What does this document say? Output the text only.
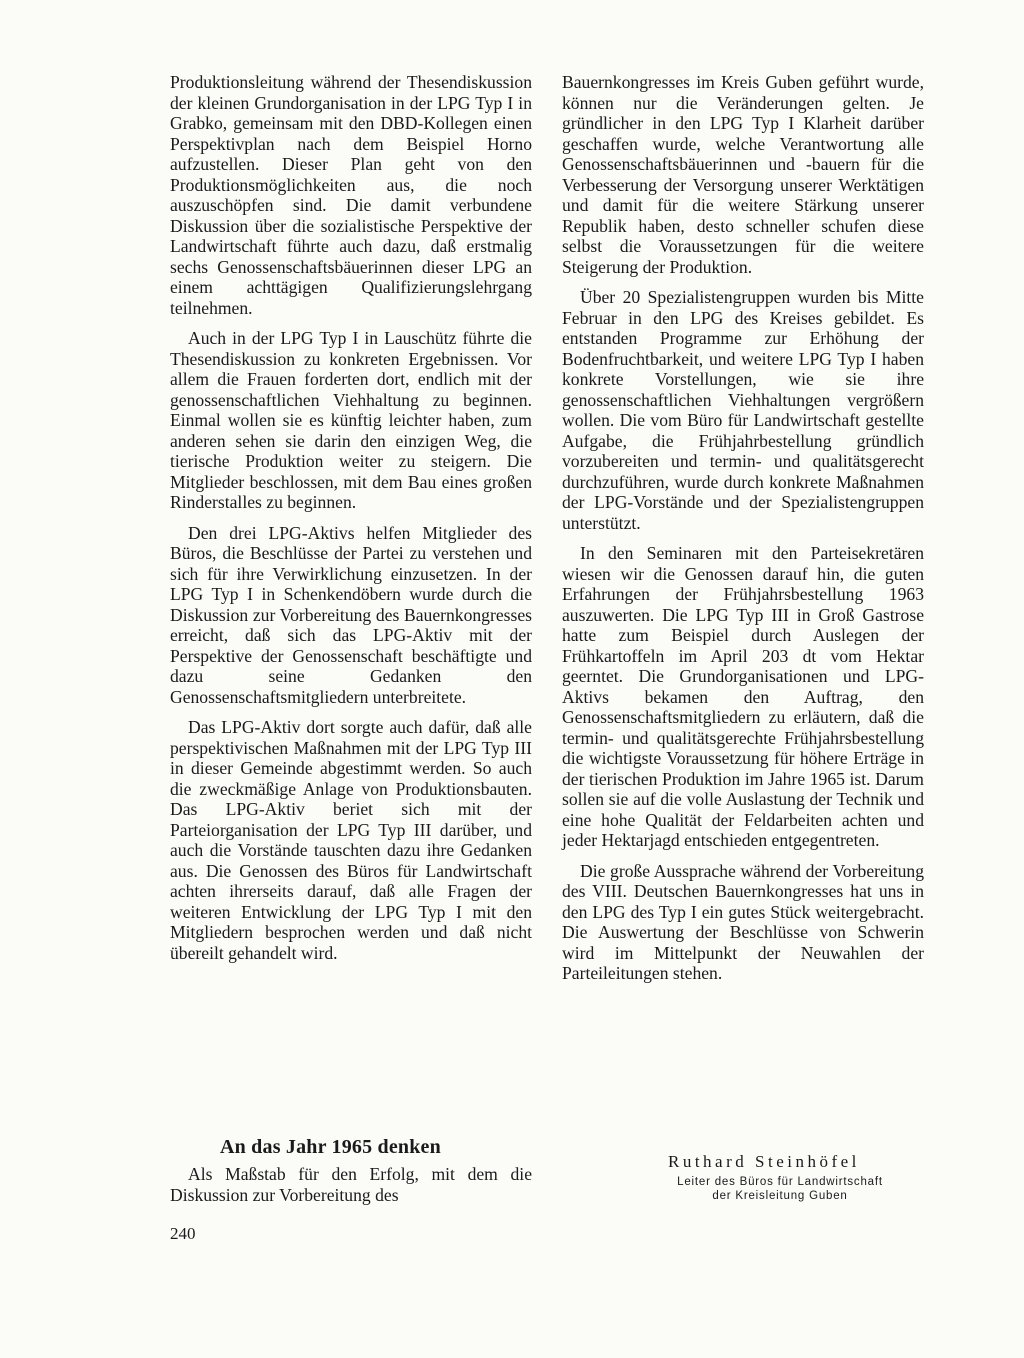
Produktionsleitung während der Thesendiskussion der kleinen Grundorganisation in der LPG Typ I in Grabko, gemeinsam mit den DBD-Kollegen einen Perspektivplan nach dem Beispiel Horno aufzustellen. Dieser Plan geht von den Produktionsmöglichkeiten aus, die noch auszuschöpfen sind. Die damit verbundene Diskussion über die sozialistische Perspektive der Landwirtschaft führte auch dazu, daß erstmalig sechs Genossenschaftsbäuerinnen dieser LPG an einem achttägigen Qualifizierungslehrgang teilnehmen.

Auch in der LPG Typ I in Lauschütz führte die Thesendiskussion zu konkreten Ergebnissen. Vor allem die Frauen forderten dort, endlich mit der genossenschaftlichen Viehhaltung zu beginnen. Einmal wollen sie es künftig leichter haben, zum anderen sehen sie darin den einzigen Weg, die tierische Produktion weiter zu steigern. Die Mitglieder beschlossen, mit dem Bau eines großen Rinderstalles zu beginnen.

Den drei LPG-Aktivs helfen Mitglieder des Büros, die Beschlüsse der Partei zu verstehen und sich für ihre Verwirklichung einzusetzen. In der LPG Typ I in Schenkendöbern wurde durch die Diskussion zur Vorbereitung des Bauernkongresses erreicht, daß sich das LPG-Aktiv mit der Perspektive der Genossenschaft beschäftigte und dazu seine Gedanken den Genossenschaftsmitgliedern unterbreitete.

Das LPG-Aktiv dort sorgte auch dafür, daß alle perspektivischen Maßnahmen mit der LPG Typ III in dieser Gemeinde abgestimmt werden. So auch die zweckmäßige Anlage von Produktionsbauten. Das LPG-Aktiv beriet sich mit der Parteiorganisation der LPG Typ III darüber, und auch die Vorstände tauschten dazu ihre Gedanken aus. Die Genossen des Büros für Landwirtschaft achten ihrerseits darauf, daß alle Fragen der weiteren Entwicklung der LPG Typ I mit den Mitgliedern besprochen werden und daß nicht übereilt gehandelt wird.

An das Jahr 1965 denken

Als Maßstab für den Erfolg, mit dem die Diskussion zur Vorbereitung des

Bauernkongresses im Kreis Guben geführt wurde, können nur die Veränderungen gelten. Je gründlicher in den LPG Typ I Klarheit darüber geschaffen wurde, welche Verantwortung alle Genossenschaftsbäuerinnen und -bauern für die Verbesserung der Versorgung unserer Werktätigen und damit für die weitere Stärkung unserer Republik haben, desto schneller schufen diese selbst die Voraussetzungen für die weitere Steigerung der Produktion.

Über 20 Spezialistengruppen wurden bis Mitte Februar in den LPG des Kreises gebildet. Es entstanden Programme zur Erhöhung der Bodenfruchtbarkeit, und weitere LPG Typ I haben konkrete Vorstellungen, wie sie ihre genossenschaftlichen Viehhaltungen vergrößern wollen. Die vom Büro für Landwirtschaft gestellte Aufgabe, die Frühjahrbestellung gründlich vorzubereiten und termin- und qualitätsgerecht durchzuführen, wurde durch konkrete Maßnahmen der LPG-Vorstände und der Spezialistengruppen unterstützt.

In den Seminaren mit den Parteisekretären wiesen wir die Genossen darauf hin, die guten Erfahrungen der Frühjahrsbestellung 1963 auszuwerten. Die LPG Typ III in Groß Gastrose hatte zum Beispiel durch Auslegen der Frühkartoffeln im April 203 dt vom Hektar geerntet. Die Grundorganisationen und LPG-Aktivs bekamen den Auftrag, den Genossenschaftsmitgliedern zu erläutern, daß die termin- und qualitätsgerechte Frühjahrsbestellung die wichtigste Voraussetzung für höhere Erträge in der tierischen Produktion im Jahre 1965 ist. Darum sollen sie auf die volle Auslastung der Technik und eine hohe Qualität der Feldarbeiten achten und jeder Hektarjagd entschieden entgegentreten.

Die große Aussprache während der Vorbereitung des VIII. Deutschen Bauernkongresses hat uns in den LPG des Typ I ein gutes Stück weitergebracht. Die Auswertung der Beschlüsse von Schwerin wird im Mittelpunkt der Neuwahlen der Parteileitungen stehen.

Ruthard Steinhöfel
Leiter des Büros für Landwirtschaft
der Kreisleitung Guben
240
